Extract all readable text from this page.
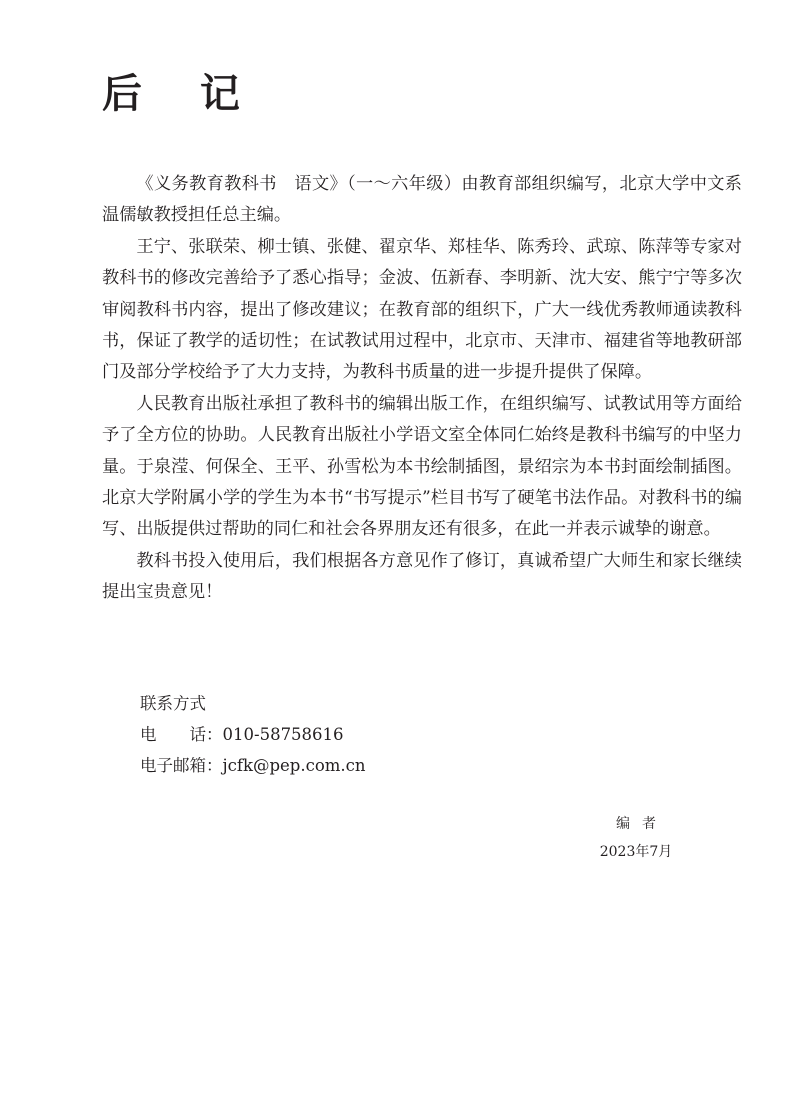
后 记

《义务教育教科书　语文》（一～六年级）由教育部组织编写，北京大学中文系温儒敏教授担任总主编。

王宁、张联荣、柳士镇、张健、翟京华、郑桂华、陈秀玲、武琼、陈萍等专家对教科书的修改完善给予了悉心指导；金波、伍新春、李明新、沈大安、熊宁宁等多次审阅教科书内容，提出了修改建议；在教育部的组织下，广大一线优秀教师通读教科书，保证了教学的适切性；在试教试用过程中，北京市、天津市、福建省等地教研部门及部分学校给予了大力支持，为教科书质量的进一步提升提供了保障。

人民教育出版社承担了教科书的编辑出版工作，在组织编写、试教试用等方面给予了全方位的协助。人民教育出版社小学语文室全体同仁始终是教科书编写的中坚力量。于泉滢、何保全、王平、孙雪松为本书绘制插图，景绍宗为本书封面绘制插图。北京大学附属小学的学生为本书“书写提示”栏目书写了硬笔书法作品。对教科书的编写、出版提供过帮助的同仁和社会各界朋友还有很多，在此一并表示诚挚的谢意。

教科书投入使用后，我们根据各方意见作了修订，真诚希望广大师生和家长继续提出宝贵意见！

联系方式
电　　话：010-58758616
电子邮箱：jcfk@pep.com.cn
编者
2023年7月
